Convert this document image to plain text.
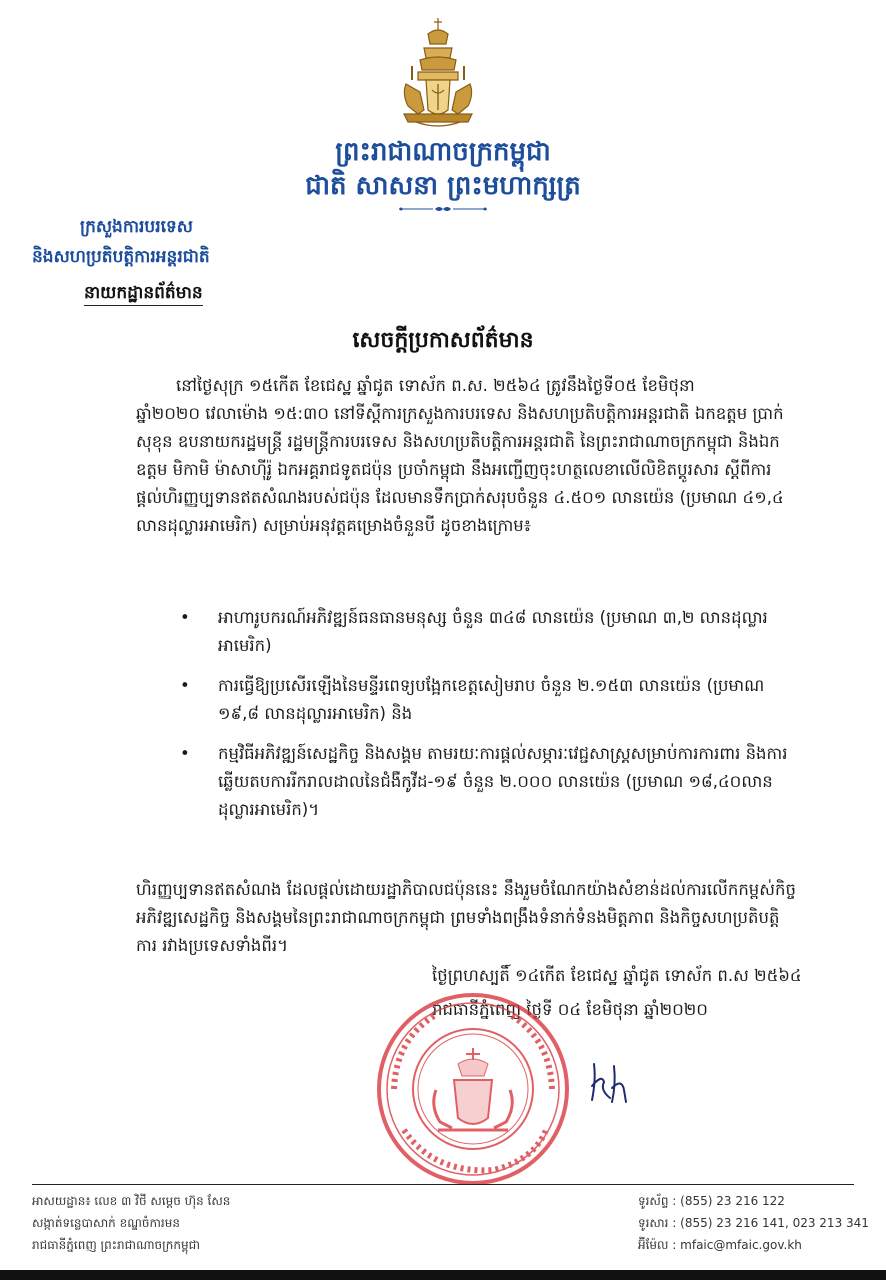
ព្រះរាជាណាចក្រកម្ពុជា
ជាតិ សាសនា ព្រះមហាក្សត្រ
ក្រសួងការបរទេស
និងសហប្រតិបត្តិការអន្តរជាតិ
នាយកដ្ឋានព័ត៌មាន
សេចក្តីប្រកាសព័ត៌មាន
នៅថ្ងៃសុក្រ ១៥កើត ខែជេស្ឋ ឆ្នាំជូត ទោស័ក ព.ស. ២៥៦៤ ត្រូវនឹងថ្ងៃទី០៥ ខែមិថុនា
ឆ្នាំ២០២០ វេលាម៉ោង ១៥:៣០ នៅទីស្តីការក្រសួងការបរទេស និងសហប្រតិបត្តិការអន្តរជាតិ ឯកឧត្តម ប្រាក់ សុខុន ឧបនាយករដ្ឋមន្ត្រី រដ្ឋមន្ត្រីការបរទេស និងសហប្រតិបត្តិការអន្តរជាតិ នៃព្រះរាជាណាចក្រកម្ពុជា និងឯកឧត្តម មិកាមិ ម៉ាសាហ៊ីរ៉ូ ឯកអគ្គរាជទូតជប៉ុន ប្រចាំកម្ពុជា នឹងអញ្ជើញចុះហត្ថលេខាលើលិខិតប្តូរសារ ស្តីពីការផ្តល់ហិរញ្ញប្បទានឥតសំណងរបស់ជប៉ុន ដែលមានទឹកប្រាក់សរុបចំនួន ៤.៥០១ លានយ៉េន (ប្រមាណ ៤១,៤ លានដុល្លារអាមេរិក) សម្រាប់អនុវត្តគម្រោងចំនួនបី ដូចខាងក្រោម៖
• អាហារូបករណ៍អភិវឌ្ឍន៍ធនធានមនុស្ស ចំនួន ៣៤៨ លានយ៉េន (ប្រមាណ ៣,២ លានដុល្លារអាមេរិក)
• ការធ្វើឱ្យប្រសើរឡើងនៃមន្ទីរពេទ្យបង្អែកខេត្តសៀមរាប ចំនួន ២.១៥៣ លានយ៉េន (ប្រមាណ ១៩,៨ លានដុល្លារអាមេរិក) និង
• កម្មវិធីអភិវឌ្ឍន៍សេដ្ឋកិច្ច និងសង្គម តាមរយៈការផ្តល់សម្ភារៈវេជ្ជសាស្ត្រសម្រាប់ការការពារ និងការឆ្លើយតបការរីករាលដាលនៃជំងឺកូវីដ-១៩ ចំនួន ២.០០០ លានយ៉េន (ប្រមាណ ១៨,៤០លានដុល្លារអាមេរិក)។
ហិរញ្ញប្បទានឥតសំណង ដែលផ្តល់ដោយរដ្ឋាភិបាលជប៉ុននេះ នឹងរួមចំណែកយ៉ាងសំខាន់ដល់ការលើកកម្ពស់កិច្ចអភិវឌ្ឍសេដ្ឋកិច្ច និងសង្គមនៃព្រះរាជាណាចក្រកម្ពុជា ព្រមទាំងពង្រឹងទំនាក់ទំនងមិត្តភាព និងកិច្ចសហប្រតិបត្តិការ រវាងប្រទេសទាំងពីរ។
ថ្ងៃព្រហស្បតិ៍ ១៤កើត ខែជេស្ឋ ឆ្នាំជូត ទោស័ក ព.ស ២៥៦៤
រាជធានីភ្នំពេញ ថ្ងៃទី ០៤ ខែមិថុនា ឆ្នាំ២០២០
អាសយដ្ឋាន៖ លេខ ៣ វិថី សម្តេច ហ៊ុន សែន
សង្កាត់ទន្លេបាសាក់ ខណ្ឌចំការមន
រាជធានីភ្នំពេញ ព្រះរាជាណាចក្រកម្ពុជា
ទូរស័ព្ទ : (855) 23 216 122
ទូរសារ : (855) 23 216 141, 023 213 341
អ៊ីម៉ែល : mfaic@mfaic.gov.kh
